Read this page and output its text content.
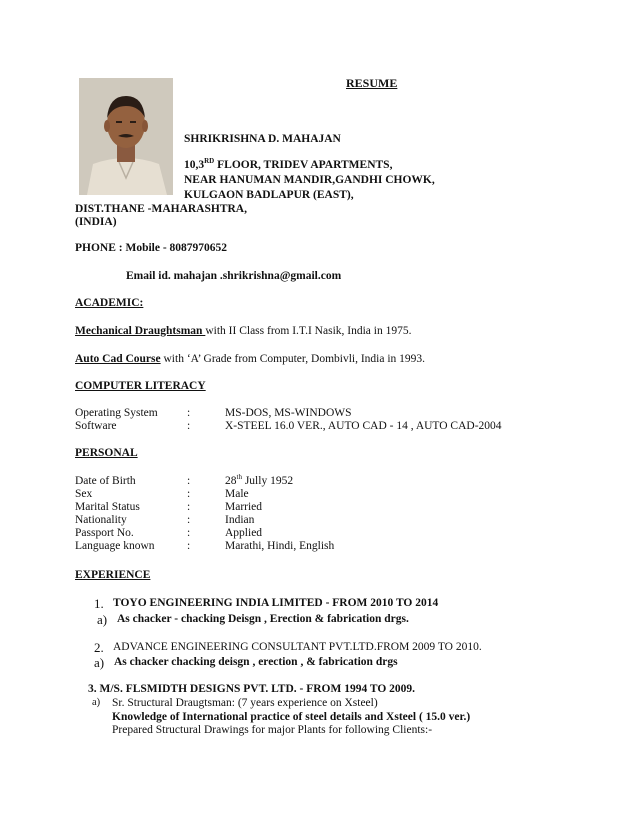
RESUME
SHRIKRISHNA D. MAHAJAN
10,3RD FLOOR, TRIDEV APARTMENTS,
NEAR HANUMAN MANDIR,GANDHI CHOWK,
KULGAON BADLAPUR (EAST),
DIST.THANE -MAHARASHTRA,
(INDIA)
PHONE : Mobile - 8087970652
Email id. mahajan .shrikrishna@gmail.com
ACADEMIC:
Mechanical Draughtsman with II Class from I.T.I Nasik, India in 1975.
Auto Cad Course with ‘A’ Grade from Computer, Dombivli, India in 1993.
COMPUTER LITERACY
Operating System	:	MS-DOS, MS-WINDOWS
Software	:	X-STEEL 16.0 VER., AUTO CAD - 14 , AUTO CAD-2004
PERSONAL
Date of Birth	:	28th Jully 1952
Sex	:	Male
Marital Status	:	Married
Nationality	:	Indian
Passport No.	:	Applied
Language known	:	Marathi, Hindi, English
EXPERIENCE
1. TOYO ENGINEERING INDIA LIMITED - FROM 2010 TO 2014
a) As chacker - chacking Deisgn , Erection & fabrication drgs.
2. ADVANCE ENGINEERING CONSULTANT PVT.LTD.FROM 2009 TO 2010.
a) As chacker chacking deisgn , erection , & fabrication drgs
3. M/S. FLSMIDTH DESIGNS PVT. LTD. - FROM 1994 TO 2009.
a) Sr. Structural Draugtsman: (7 years experience on Xsteel)
Knowledge of International practice of steel details and Xsteel ( 15.0 ver.)
Prepared Structural Drawings for major Plants for following Clients:-
